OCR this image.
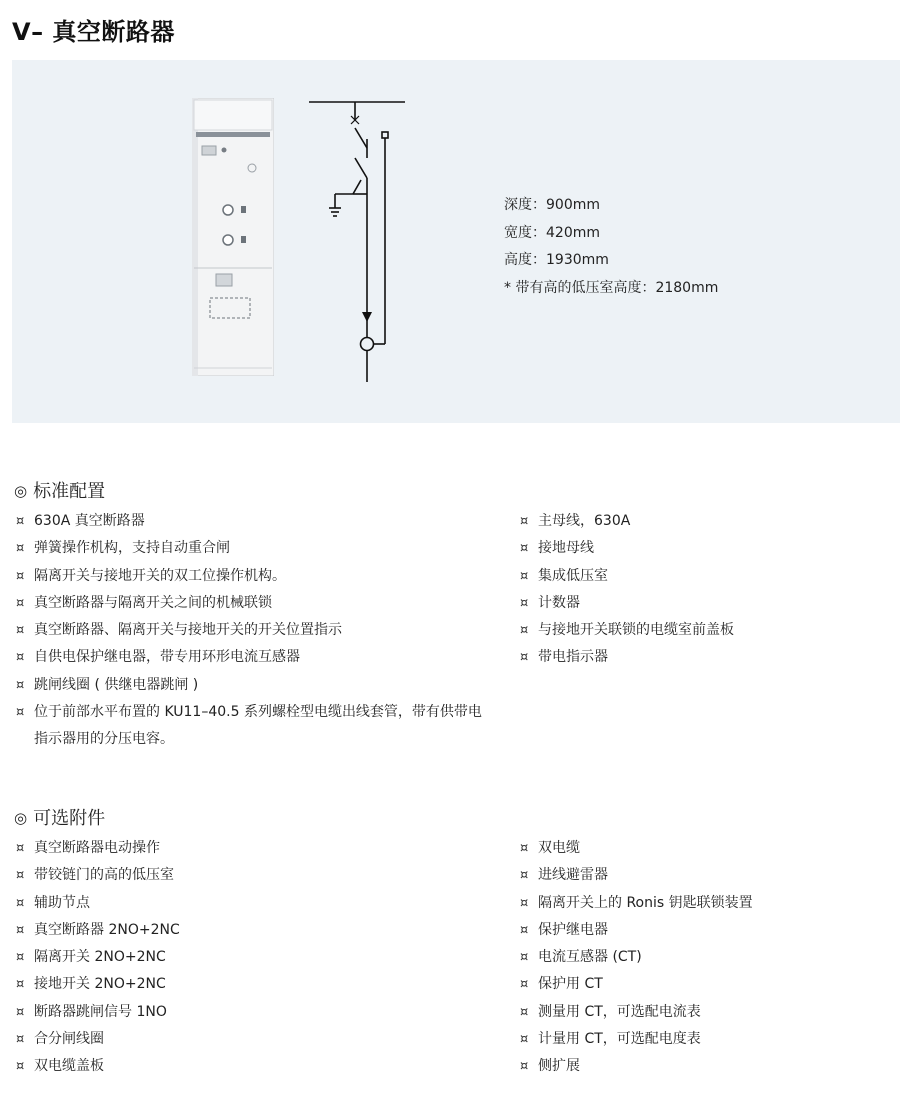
V– 真空断路器
深度：900mm
宽度：420mm
高度：1930mm
* 带有高的低压室高度：2180mm
◎ 标准配置
¤ 630A 真空断路器
¤ 弹簧操作机构，支持自动重合闸
¤ 隔离开关与接地开关的双工位操作机构。
¤ 真空断路器与隔离开关之间的机械联锁
¤ 真空断路器、隔离开关与接地开关的开关位置指示
¤ 自供电保护继电器，带专用环形电流互感器
¤ 跳闸线圈 ( 供继电器跳闸 )
¤ 位于前部水平布置的 KU11–40.5 系列螺栓型电缆出线套管，带有供带电指示器用的分压电容。
¤ 主母线，630A
¤ 接地母线
¤ 集成低压室
¤ 计数器
¤ 与接地开关联锁的电缆室前盖板
¤ 带电指示器
◎ 可选附件
¤ 真空断路器电动操作
¤ 带铰链门的高的低压室
¤ 辅助节点
¤ 真空断路器 2NO+2NC
¤ 隔离开关 2NO+2NC
¤ 接地开关 2NO+2NC
¤ 断路器跳闸信号 1NO
¤ 合分闸线圈
¤ 双电缆盖板
¤ 双电缆
¤ 进线避雷器
¤ 隔离开关上的 Ronis 钥匙联锁装置
¤ 保护继电器
¤ 电流互感器 (CT)
¤ 保护用 CT
¤ 测量用 CT，可选配电流表
¤ 计量用 CT，可选配电度表
¤ 侧扩展
